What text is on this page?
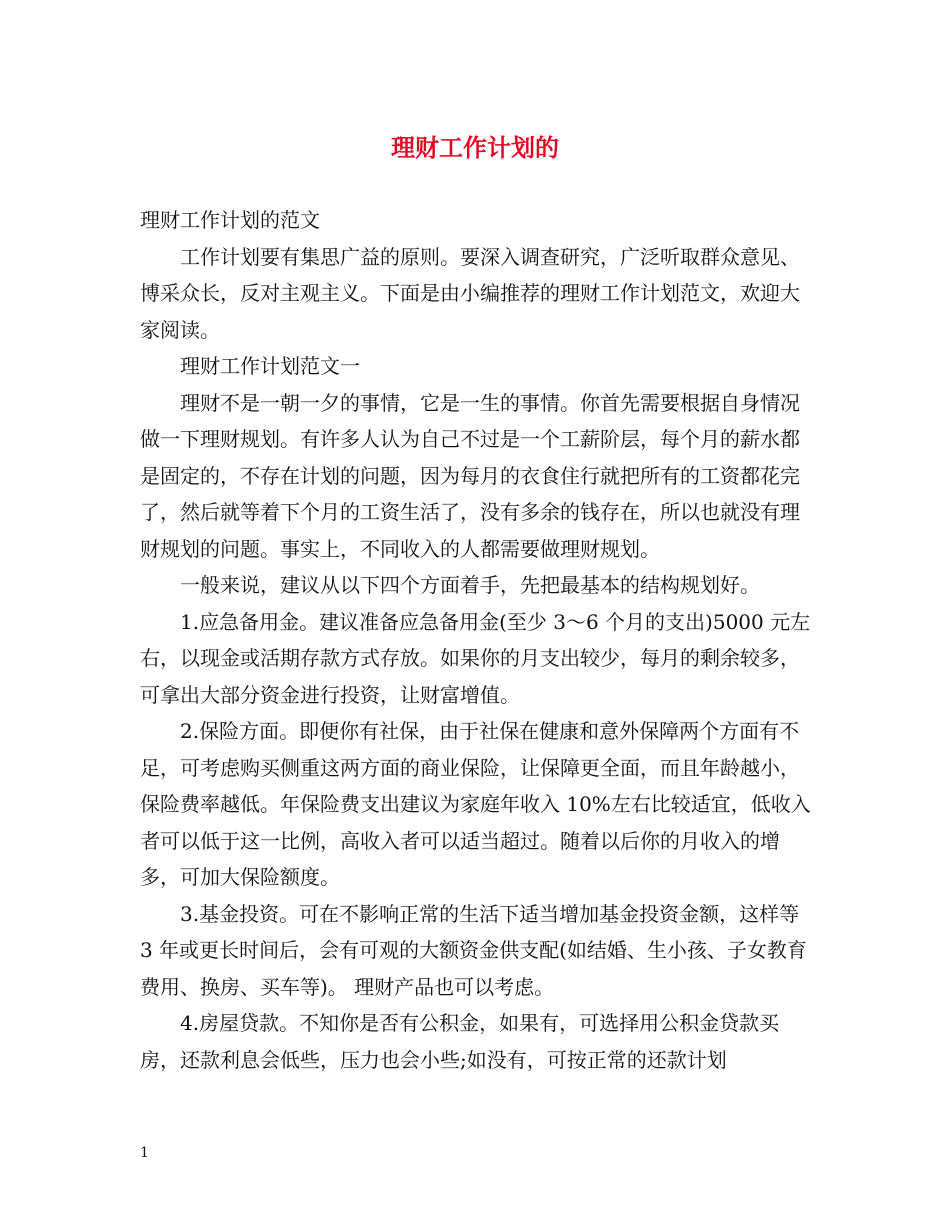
理财工作计划的

理财工作计划的范文

工作计划要有集思广益的原则。要深入调查研究，广泛听取群众意见、博采众长，反对主观主义。下面是由小编推荐的理财工作计划范文，欢迎大家阅读。

理财工作计划范文一

理财不是一朝一夕的事情，它是一生的事情。你首先需要根据自身情况做一下理财规划。有许多人认为自己不过是一个工薪阶层，每个月的薪水都是固定的，不存在计划的问题，因为每月的衣食住行就把所有的工资都花完了，然后就等着下个月的工资生活了，没有多余的钱存在，所以也就没有理财规划的问题。事实上，不同收入的人都需要做理财规划。

一般来说，建议从以下四个方面着手，先把最基本的结构规划好。

1.应急备用金。建议准备应急备用金(至少 3～6 个月的支出)5000 元左右，以现金或活期存款方式存放。如果你的月支出较少，每月的剩余较多，可拿出大部分资金进行投资，让财富增值。

2.保险方面。即便你有社保，由于社保在健康和意外保障两个方面有不足，可考虑购买侧重这两方面的商业保险，让保障更全面，而且年龄越小，保险费率越低。年保险费支出建议为家庭年收入 10%左右比较适宜，低收入者可以低于这一比例，高收入者可以适当超过。随着以后你的月收入的增多，可加大保险额度。

3.基金投资。可在不影响正常的生活下适当增加基金投资金额，这样等 3 年或更长时间后，会有可观的大额资金供支配(如结婚、生小孩、子女教育费用、换房、买车等)。 理财产品也可以考虑。

4.房屋贷款。不知你是否有公积金，如果有，可选择用公积金贷款买房，还款利息会低些，压力也会小些;如没有，可按正常的还款计划

1
